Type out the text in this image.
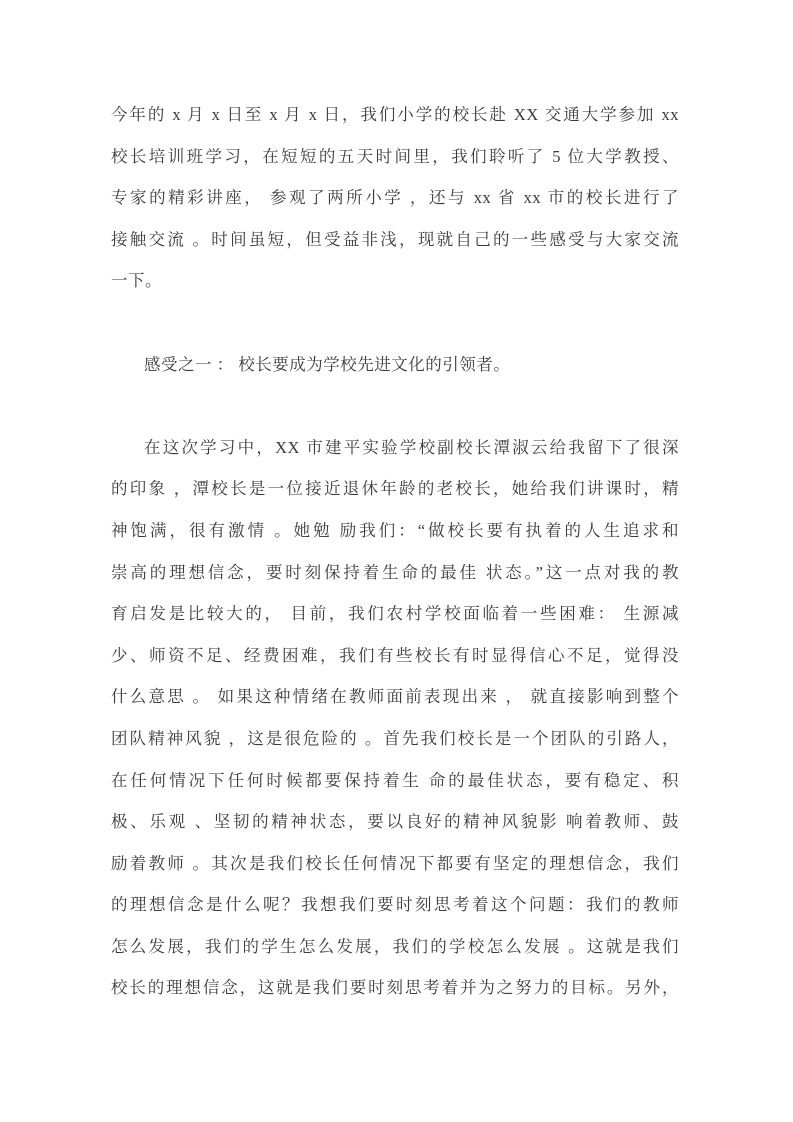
今年的 x 月 x 日至 x 月 x 日，我们小学的校长赴 XX 交通大学参加 xx
校长培训班学习，在短短的五天时间里，我们聆听了 5 位大学教授、
专家的精彩讲座， 参观了两所小学 ，还与 xx 省 xx 市的校长进行了
接触交流 。时间虽短，但受益非浅，现就自己的一些感受与大家交流
一下。
感受之一 ： 校长要成为学校先进文化的引领者。
在这次学习中，XX 市建平实验学校副校长潭淑云给我留下了很深
的印象 ，潭校长是一位接近退休年龄的老校长，她给我们讲课时，精
神饱满，很有激情 。她勉 励我们：“做校长要有执着的人生追求和
崇高的理想信念，要时刻保持着生命的最佳 状态。”这一点对我的教
育启发是比较大的， 目前，我们农村学校面临着一些困难： 生源减
少、师资不足、经费困难，我们有些校长有时显得信心不足，觉得没
什么意思 。 如果这种情绪在教师面前表现出来 ， 就直接影响到整个
团队精神风貌 ，这是很危险的 。首先我们校长是一个团队的引路人，
在任何情况下任何时候都要保持着生 命的最佳状态，要有稳定、积
极、乐观 、坚韧的精神状态，要以良好的精神风貌影 响着教师、鼓
励着教师 。其次是我们校长任何情况下都要有坚定的理想信念，我们
的理想信念是什么呢？我想我们要时刻思考着这个问题：我们的教师
怎么发展，我们的学生怎么发展，我们的学校怎么发展 。这就是我们
校长的理想信念，这就是我们要时刻思考着并为之努力的目标。另外，
